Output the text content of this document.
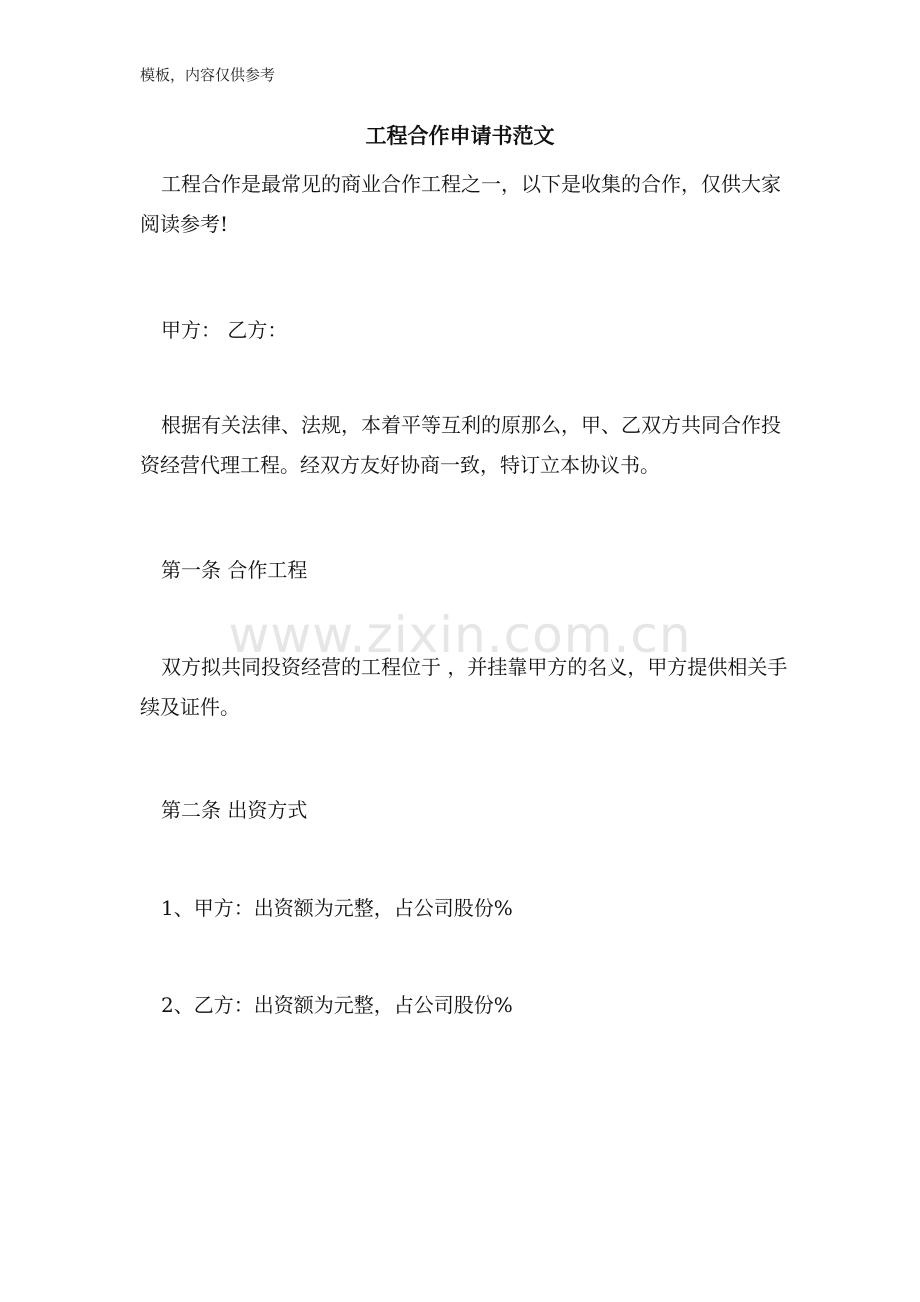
模板，内容仅供参考
工程合作申请书范文

工程合作是最常见的商业合作工程之一，以下是收集的合作，仅供大家阅读参考!

甲方： 乙方：

根据有关法律、法规，本着平等互利的原那么，甲、乙双方共同合作投资经营代理工程。经双方友好协商一致，特订立本协议书。

第一条 合作工程

双方拟共同投资经营的工程位于 ，并挂靠甲方的名义，甲方提供相关手续及证件。

第二条 出资方式

1、甲方：出资额为元整，占公司股份%

2、乙方：出资额为元整，占公司股份%

www.zixin.com.cn
